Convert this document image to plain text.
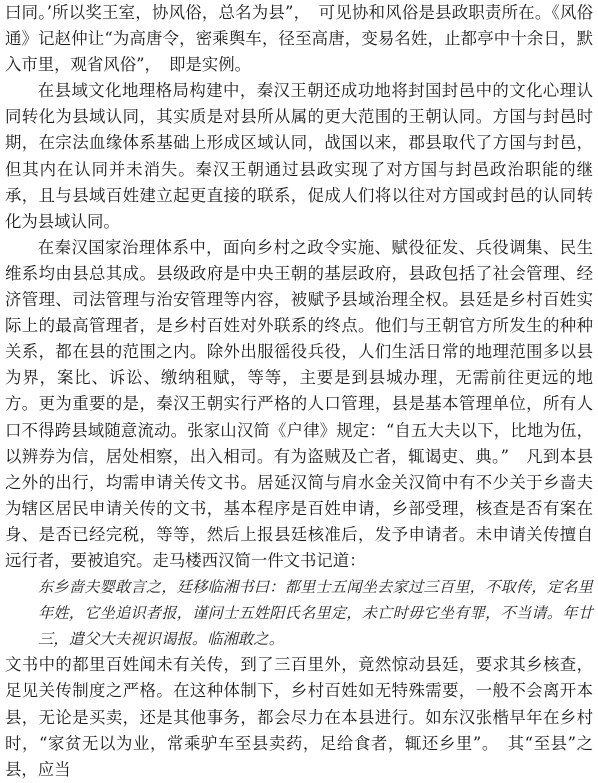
曰同。’所以奖王室，协风俗，总名为县”，　可见协和风俗是县政职责所在。《风俗通》记赵仲让“为高唐令，密乘舆车，径至高唐，变易名姓，止都亭中十余日，默入市里，观省风俗”，　即是实例。

在县域文化地理格局构建中，秦汉王朝还成功地将封国封邑中的文化心理认同转化为县域认同，其实质是对县所从属的更大范围的王朝认同。方国与封邑时期，在宗法血缘体系基础上形成区域认同，战国以来，郡县取代了方国与封邑，但其内在认同并未消失。秦汉王朝通过县政实现了对方国与封邑政治职能的继承，且与县域百姓建立起更直接的联系，促成人们将以往对方国或封邑的认同转化为县域认同。

在秦汉国家治理体系中，面向乡村之政令实施、赋役征发、兵役调集、民生维系均由县总其成。县级政府是中央王朝的基层政府，县政包括了社会管理、经济管理、司法管理与治安管理等内容，被赋予县域治理全权。县廷是乡村百姓实际上的最高管理者，是乡村百姓对外联系的终点。他们与王朝官方所发生的种种关系，都在县的范围之内。除外出服徭役兵役，人们生活日常的地理范围多以县为界，案比、诉讼、缴纳租赋，等等，主要是到县城办理，无需前往更远的地方。更为重要的是，秦汉王朝实行严格的人口管理，县是基本管理单位，所有人口不得跨县域随意流动。张家山汉简《户律》规定：“自五大夫以下，比地为伍，以辨券为信，居处相察，出入相司。有为盗贼及亡者，辄谒吏、典。”　凡到本县之外的出行，均需申请关传文书。居延汉简与肩水金关汉简中有不少关于乡啬夫为辖区居民申请关传的文书，基本程序是百姓申请，乡部受理，核查是否有案在身、是否已经完税，等等，然后上报县廷核准后，发予申请者。未申请关传擅自远行者，要被追究。走马楼西汉简一件文书记道：

东乡啬夫婴敢言之，廷移临湘书曰：都里士五闻坐去家过三百里，不取传，定名里年姓，它坐追识者报，谨问士五姓阳氏名里定，未亡时毋它坐有罪，不当请。年廿三，遣父大夫视识谒报。临湘敢之。

文书中的都里百姓闻未有关传，到了三百里外，竟然惊动县廷，要求其乡核查，足见关传制度之严格。在这种体制下，乡村百姓如无特殊需要，一般不会离开本县，无论是买卖，还是其他事务，都会尽力在本县进行。如东汉张楷早年在乡村时，“家贫无以为业，常乘驴车至县卖药，足给食者，辄还乡里”。　其“至县”之县，应当
